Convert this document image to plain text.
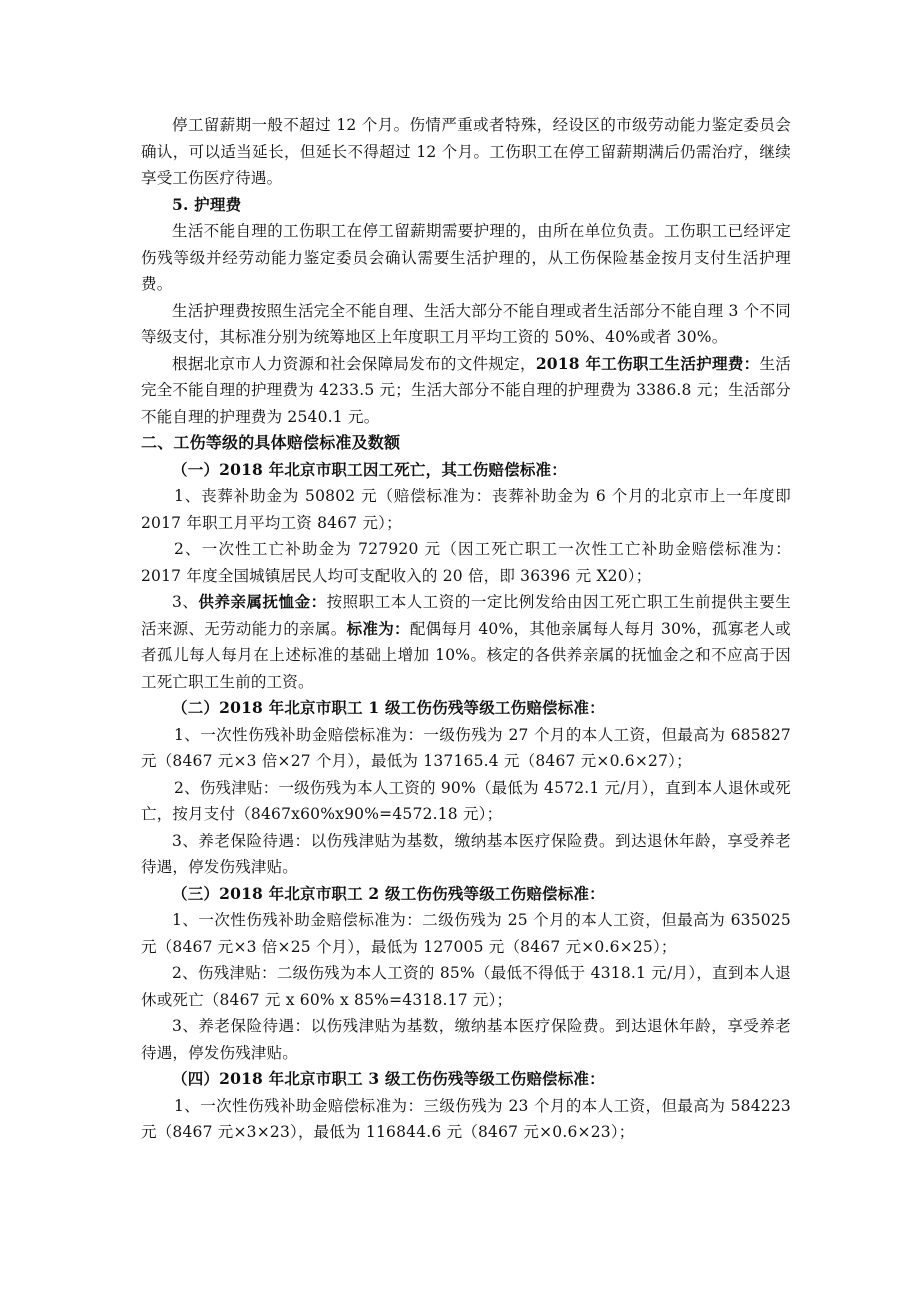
停工留薪期一般不超过 12 个月。伤情严重或者特殊，经设区的市级劳动能力鉴定委员会确认，可以适当延长，但延长不得超过 12 个月。工伤职工在停工留薪期满后仍需治疗，继续享受工伤医疗待遇。

5. 护理费

生活不能自理的工伤职工在停工留薪期需要护理的，由所在单位负责。工伤职工已经评定伤残等级并经劳动能力鉴定委员会确认需要生活护理的，从工伤保险基金按月支付生活护理费。

生活护理费按照生活完全不能自理、生活大部分不能自理或者生活部分不能自理 3 个不同等级支付，其标准分别为统筹地区上年度职工月平均工资的 50%、40%或者 30%。

根据北京市人力资源和社会保障局发布的文件规定，2018 年工伤职工生活护理费：生活完全不能自理的护理费为 4233.5 元；生活大部分不能自理的护理费为 3386.8 元；生活部分不能自理的护理费为 2540.1 元。

二、工伤等级的具体赔偿标准及数额

（一）2018 年北京市职工因工死亡，其工伤赔偿标准：

1、丧葬补助金为 50802 元（赔偿标准为：丧葬补助金为 6 个月的北京市上一年度即 2017 年职工月平均工资 8467 元）；

2、一次性工亡补助金为 727920 元（因工死亡职工一次性工亡补助金赔偿标准为：2017 年度全国城镇居民人均可支配收入的 20 倍，即 36396 元 X20）；

3、供养亲属抚恤金：按照职工本人工资的一定比例发给由因工死亡职工生前提供主要生活来源、无劳动能力的亲属。标准为：配偶每月 40%，其他亲属每人每月 30%，孤寡老人或者孤儿每人每月在上述标准的基础上增加 10%。核定的各供养亲属的抚恤金之和不应高于因工死亡职工生前的工资。

（二）2018 年北京市职工 1 级工伤伤残等级工伤赔偿标准：

1、一次性伤残补助金赔偿标准为：一级伤残为 27 个月的本人工资，但最高为 685827 元（8467 元×3 倍×27 个月），最低为 137165.4 元（8467 元×0.6×27）；

2、伤残津贴：一级伤残为本人工资的 90%（最低为 4572.1 元/月），直到本人退休或死亡，按月支付（8467x60%x90%=4572.18 元）；

3、养老保险待遇：以伤残津贴为基数，缴纳基本医疗保险费。到达退休年龄，享受养老待遇，停发伤残津贴。

（三）2018 年北京市职工 2 级工伤伤残等级工伤赔偿标准：

1、一次性伤残补助金赔偿标准为：二级伤残为 25 个月的本人工资，但最高为 635025 元（8467 元×3 倍×25 个月），最低为 127005 元（8467 元×0.6×25）；

2、伤残津贴：二级伤残为本人工资的 85%（最低不得低于 4318.1 元/月），直到本人退休或死亡（8467 元 x 60% x 85%=4318.17 元）；

3、养老保险待遇：以伤残津贴为基数，缴纳基本医疗保险费。到达退休年龄，享受养老待遇，停发伤残津贴。

（四）2018 年北京市职工 3 级工伤伤残等级工伤赔偿标准：

1、一次性伤残补助金赔偿标准为：三级伤残为 23 个月的本人工资，但最高为 584223 元（8467 元×3×23），最低为 116844.6 元（8467 元×0.6×23）；
